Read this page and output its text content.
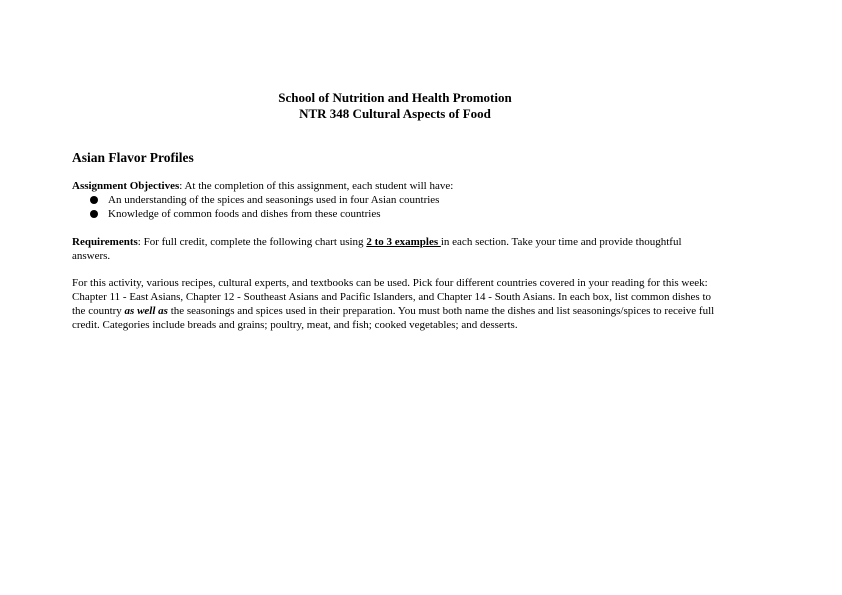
School of Nutrition and Health Promotion
NTR 348 Cultural Aspects of Food
Asian Flavor Profiles
Assignment Objectives: At the completion of this assignment, each student will have:
An understanding of the spices and seasonings used in four Asian countries
Knowledge of common foods and dishes from these countries
Requirements: For full credit, complete the following chart using 2 to 3 examples in each section. Take your time and provide thoughtful answers.
For this activity, various recipes, cultural experts, and textbooks can be used. Pick four different countries covered in your reading for this week: Chapter 11 - East Asians, Chapter 12 - Southeast Asians and Pacific Islanders, and Chapter 14 - South Asians. In each box, list common dishes to the country as well as the seasonings and spices used in their preparation. You must both name the dishes and list seasonings/spices to receive full credit. Categories include breads and grains; poultry, meat, and fish; cooked vegetables; and desserts.
